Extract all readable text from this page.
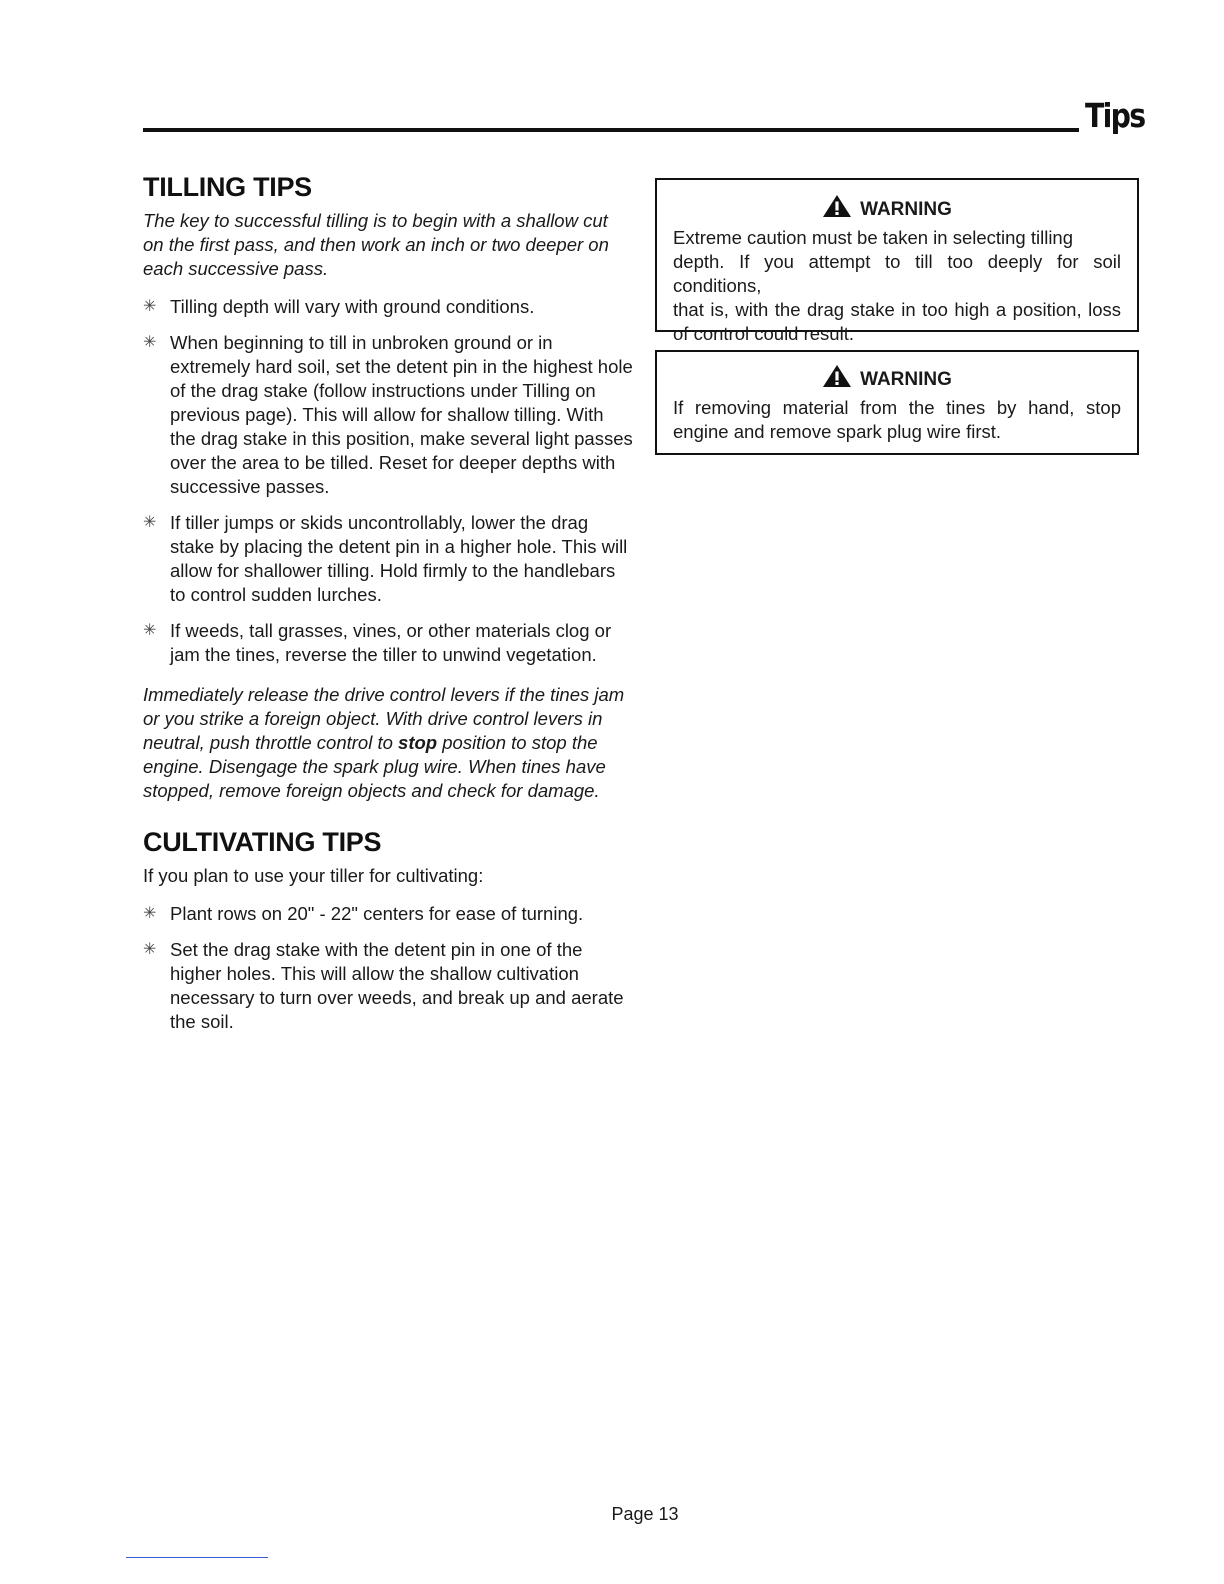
Tips
TILLING TIPS

The key to successful tilling is to begin with a shallow cut on the first pass, and then work an inch or two deeper on each successive pass.

✳ Tilling depth will vary with ground conditions.
✳ When beginning to till in unbroken ground or in extremely hard soil, set the detent pin in the highest hole of the drag stake (follow instructions under Tilling on previous page). This will allow for shallow tilling. With the drag stake in this position, make several light passes over the area to be tilled. Reset for deeper depths with successive passes.
✳ If tiller jumps or skids uncontrollably, lower the drag stake by placing the detent pin in a higher hole. This will allow for shallower tilling. Hold firmly to the handlebars to control sudden lurches.
✳ If weeds, tall grasses, vines, or other materials clog or jam the tines, reverse the tiller to unwind vegetation.

Immediately release the drive control levers if the tines jam or you strike a foreign object. With drive control levers in neutral, push throttle control to stop position to stop the engine. Disengage the spark plug wire. When tines have stopped, remove foreign objects and check for damage.

CULTIVATING TIPS

If you plan to use your tiller for cultivating:

✳ Plant rows on 20" - 22" centers for ease of turning.
✳ Set the drag stake with the detent pin in one of the higher holes. This will allow the shallow cultivation necessary to turn over weeds, and break up and aerate the soil.
WARNING
Extreme caution must be taken in selecting tilling
depth. If you attempt to till too deeply for soil conditions,
that is, with the drag stake in too high a position, loss of control could result.
WARNING
If removing material from the tines by hand, stop engine and remove spark plug wire first.
Page 13
